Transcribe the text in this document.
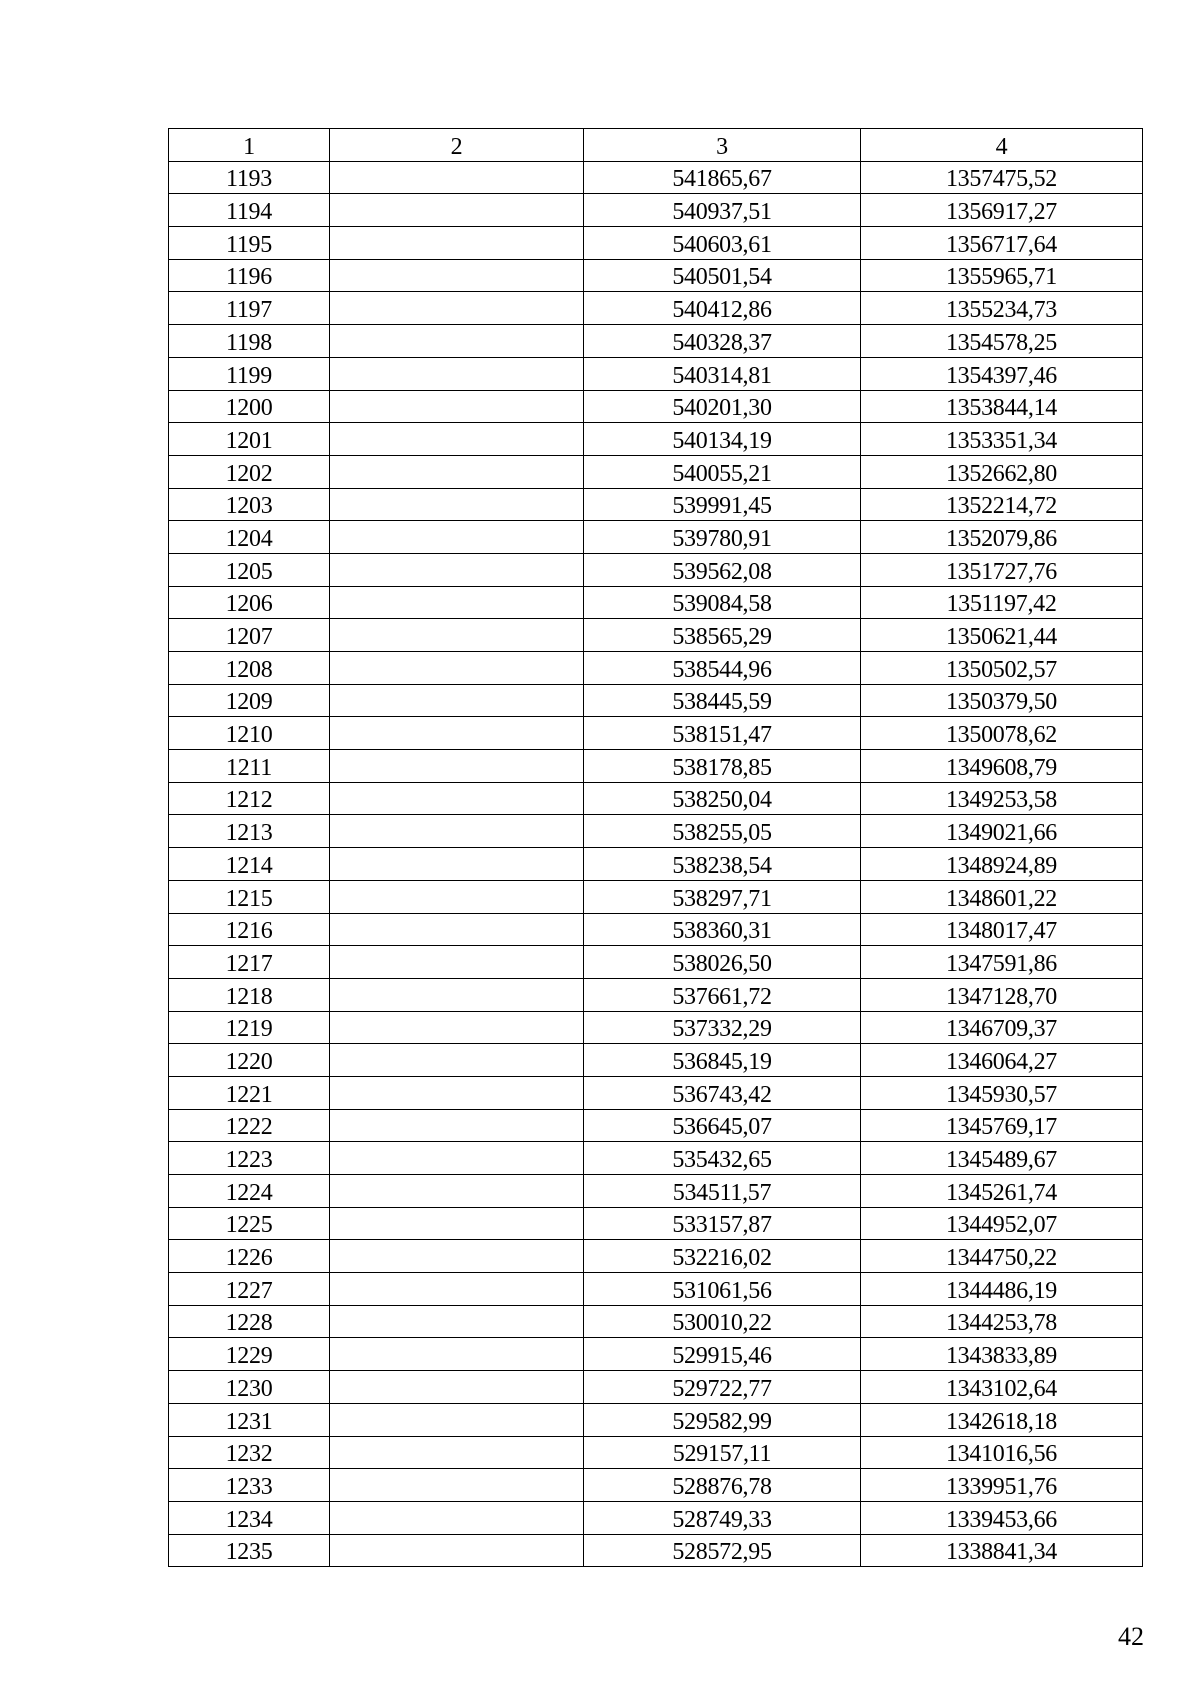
1	2	3	4
1193		541865,67	1357475,52
1194		540937,51	1356917,27
1195		540603,61	1356717,64
1196		540501,54	1355965,71
1197		540412,86	1355234,73
1198		540328,37	1354578,25
1199		540314,81	1354397,46
1200		540201,30	1353844,14
1201		540134,19	1353351,34
1202		540055,21	1352662,80
1203		539991,45	1352214,72
1204		539780,91	1352079,86
1205		539562,08	1351727,76
1206		539084,58	1351197,42
1207		538565,29	1350621,44
1208		538544,96	1350502,57
1209		538445,59	1350379,50
1210		538151,47	1350078,62
1211		538178,85	1349608,79
1212		538250,04	1349253,58
1213		538255,05	1349021,66
1214		538238,54	1348924,89
1215		538297,71	1348601,22
1216		538360,31	1348017,47
1217		538026,50	1347591,86
1218		537661,72	1347128,70
1219		537332,29	1346709,37
1220		536845,19	1346064,27
1221		536743,42	1345930,57
1222		536645,07	1345769,17
1223		535432,65	1345489,67
1224		534511,57	1345261,74
1225		533157,87	1344952,07
1226		532216,02	1344750,22
1227		531061,56	1344486,19
1228		530010,22	1344253,78
1229		529915,46	1343833,89
1230		529722,77	1343102,64
1231		529582,99	1342618,18
1232		529157,11	1341016,56
1233		528876,78	1339951,76
1234		528749,33	1339453,66
1235		528572,95	1338841,34
42
